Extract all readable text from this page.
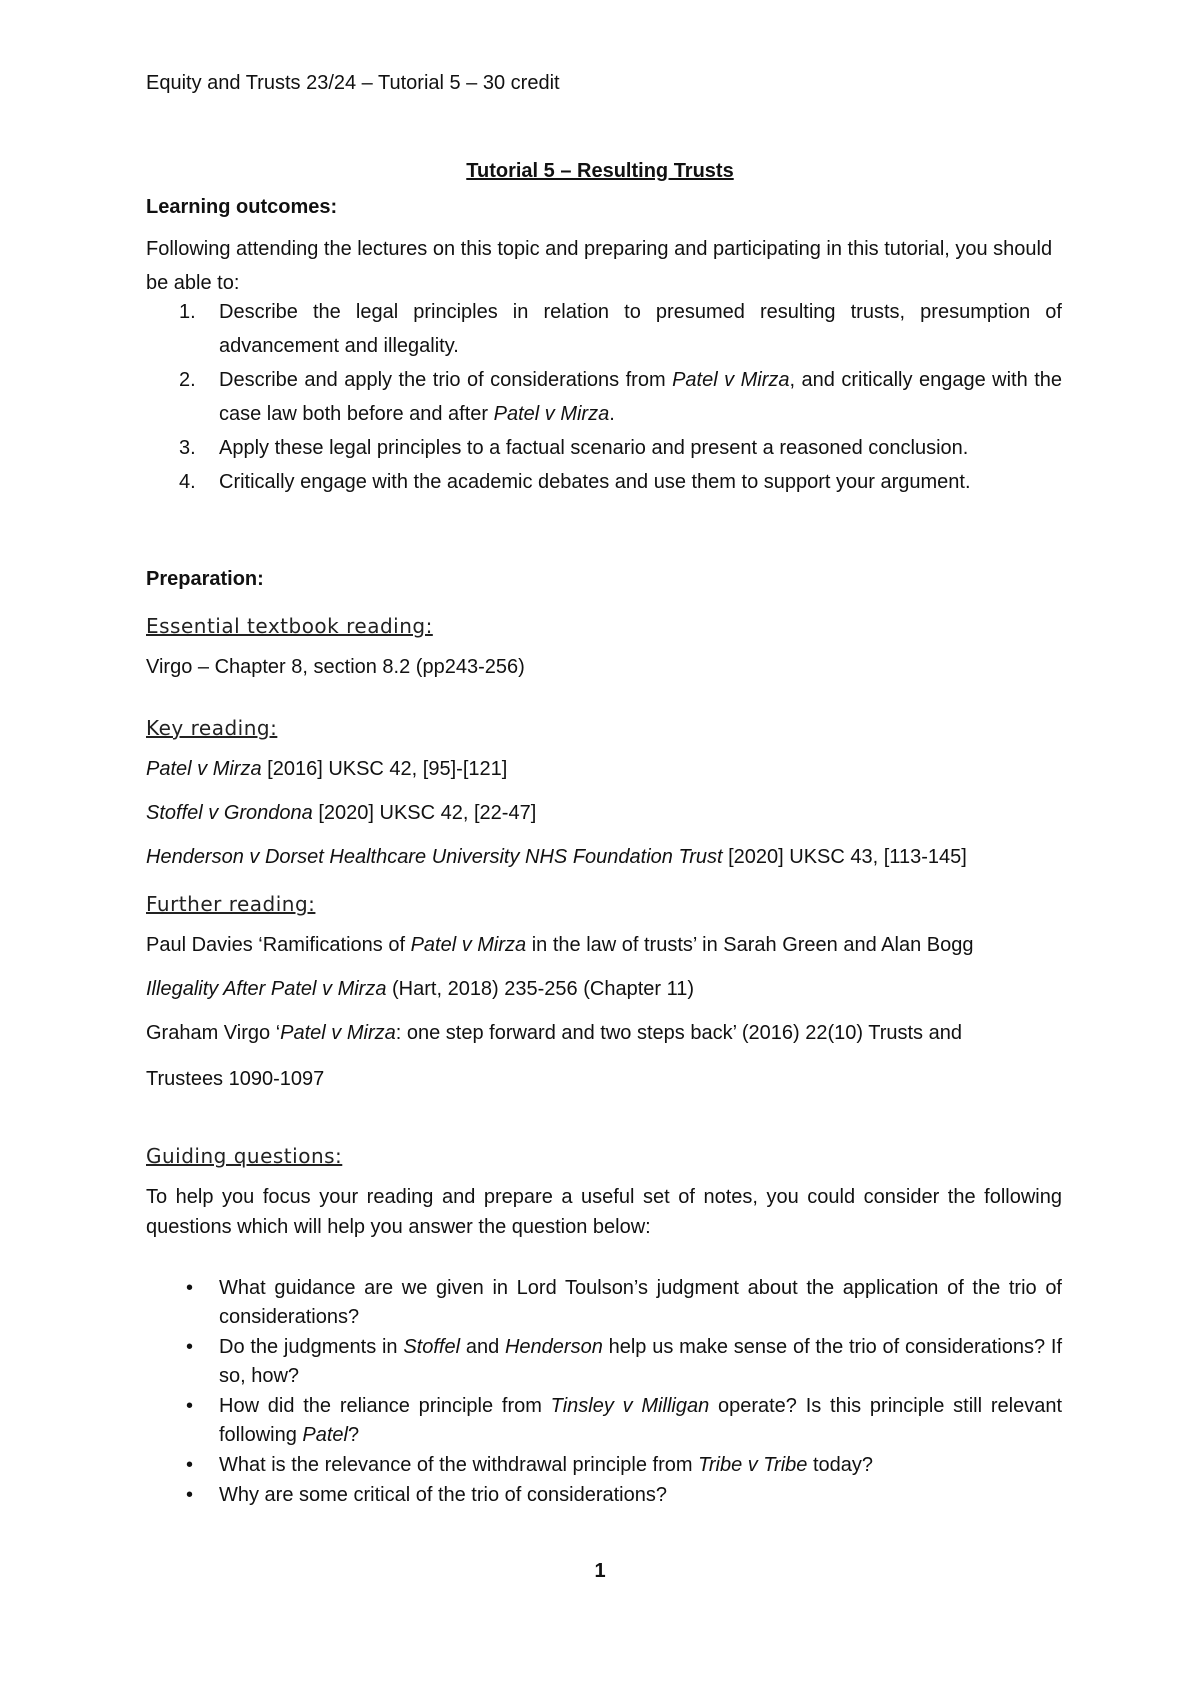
Equity and Trusts 23/24 – Tutorial 5 – 30 credit
Tutorial 5 – Resulting Trusts
Learning outcomes:
Following attending the lectures on this topic and preparing and participating in this tutorial, you should be able to:
1. Describe the legal principles in relation to presumed resulting trusts, presumption of advancement and illegality.
2. Describe and apply the trio of considerations from Patel v Mirza, and critically engage with the case law both before and after Patel v Mirza.
3. Apply these legal principles to a factual scenario and present a reasoned conclusion.
4. Critically engage with the academic debates and use them to support your argument.
Preparation:
Essential textbook reading:
Virgo – Chapter 8, section 8.2 (pp243-256)
Key reading:
Patel v Mirza [2016] UKSC 42, [95]-[121]
Stoffel v Grondona [2020] UKSC 42, [22-47]
Henderson v Dorset Healthcare University NHS Foundation Trust [2020] UKSC 43, [113-145]
Further reading:
Paul Davies ‘Ramifications of Patel v Mirza in the law of trusts’ in Sarah Green and Alan Bogg
Illegality After Patel v Mirza (Hart, 2018) 235-256 (Chapter 11)
Graham Virgo ‘Patel v Mirza: one step forward and two steps back’ (2016) 22(10) Trusts and
Trustees 1090-1097
Guiding questions:
To help you focus your reading and prepare a useful set of notes, you could consider the following questions which will help you answer the question below:
• What guidance are we given in Lord Toulson’s judgment about the application of the trio of considerations?
• Do the judgments in Stoffel and Henderson help us make sense of the trio of considerations? If so, how?
• How did the reliance principle from Tinsley v Milligan operate? Is this principle still relevant following Patel?
• What is the relevance of the withdrawal principle from Tribe v Tribe today?
• Why are some critical of the trio of considerations?
1
